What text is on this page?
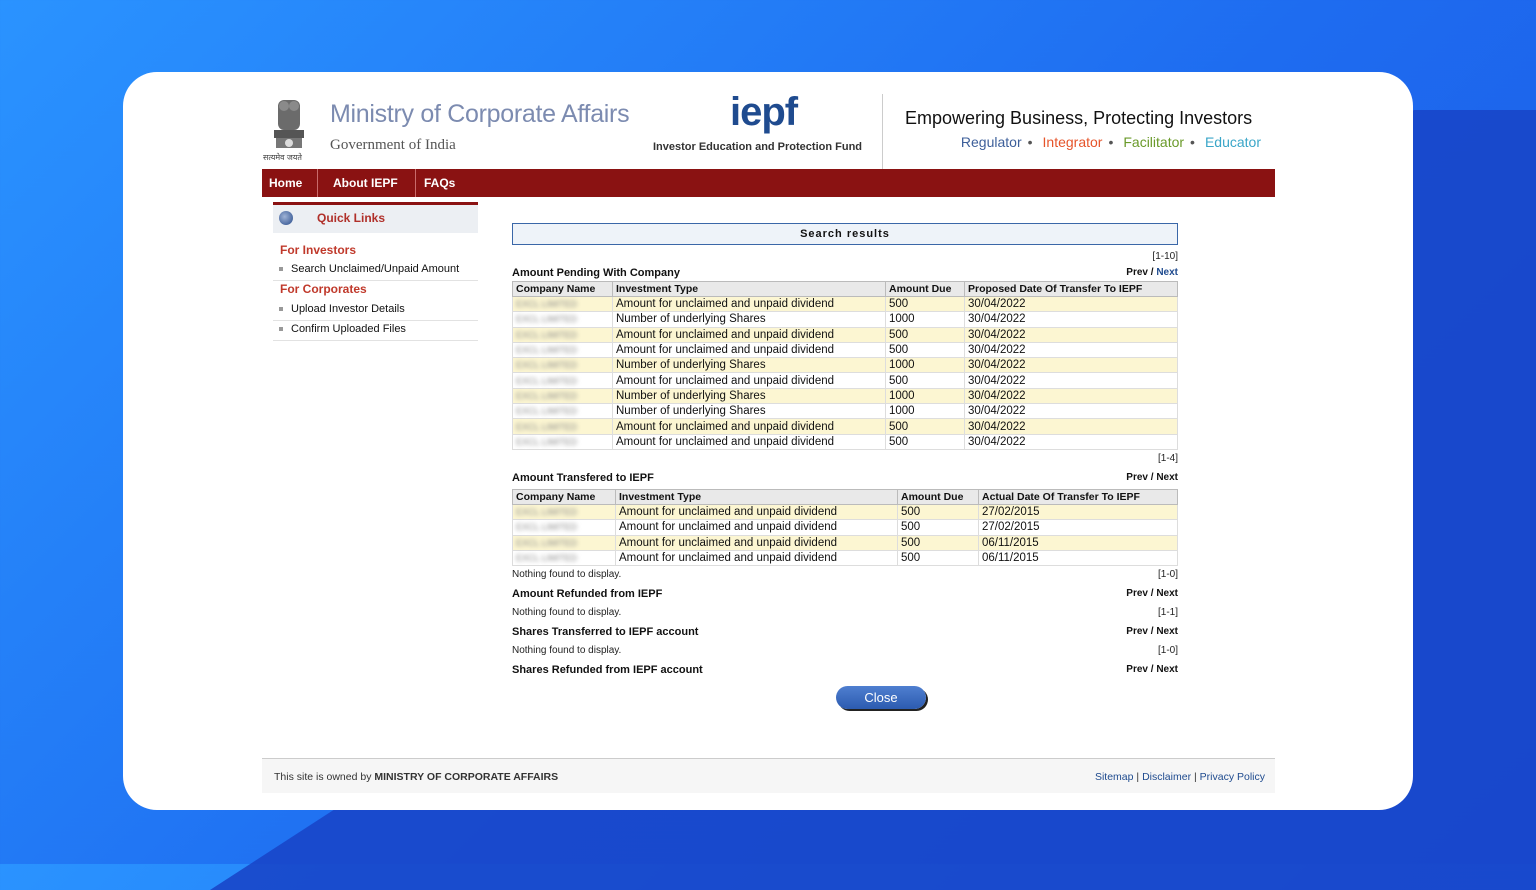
सत्यमेव जयते
Ministry of Corporate Affairs
Government of India
iepf
Investor Education and Protection Fund
Empowering Business, Protecting Investors
Regulator • Integrator • Facilitator • Educator
Home	About IEPF FAQs
Quick Links
For Investors
Search Unclaimed/Unpaid Amount
For Corporates
Upload Investor Details
Confirm Uploaded Files
Search results
[1-10]
Amount Pending With Company	Prev / Next
Company Name	Investment Type	Amount Due	Proposed Date Of Transfer To IEPF
EXCL LIMITED	Amount for unclaimed and unpaid dividend	500	30/04/2022
EXCL LIMITED	Number of underlying Shares	1000	30/04/2022
EXCL LIMITED	Amount for unclaimed and unpaid dividend	500	30/04/2022
EXCL LIMITED	Amount for unclaimed and unpaid dividend	500	30/04/2022
EXCL LIMITED	Number of underlying Shares	1000	30/04/2022
EXCL LIMITED	Amount for unclaimed and unpaid dividend	500	30/04/2022
EXCL LIMITED	Number of underlying Shares	1000	30/04/2022
EXCL LIMITED	Number of underlying Shares	1000	30/04/2022
EXCL LIMITED	Amount for unclaimed and unpaid dividend	500	30/04/2022
EXCL LIMITED	Amount for unclaimed and unpaid dividend	500	30/04/2022
[1-4]
Amount Transfered to IEPF	Prev / Next
Company Name	Investment Type	Amount Due	Actual Date Of Transfer To IEPF
EXCL LIMITED	Amount for unclaimed and unpaid dividend	500	27/02/2015
EXCL LIMITED	Amount for unclaimed and unpaid dividend	500	27/02/2015
EXCL LIMITED	Amount for unclaimed and unpaid dividend	500	06/11/2015
EXCL LIMITED	Amount for unclaimed and unpaid dividend	500	06/11/2015
Nothing found to display.	[1-0]
Amount Refunded from IEPF	Prev / Next
Nothing found to display.	[1-1]
Shares Transferred to IEPF account	Prev / Next
Nothing found to display.	[1-0]
Shares Refunded from IEPF account	Prev / Next
Close
This site is owned by MINISTRY OF CORPORATE AFFAIRS	Sitemap | Disclaimer | Privacy Policy
